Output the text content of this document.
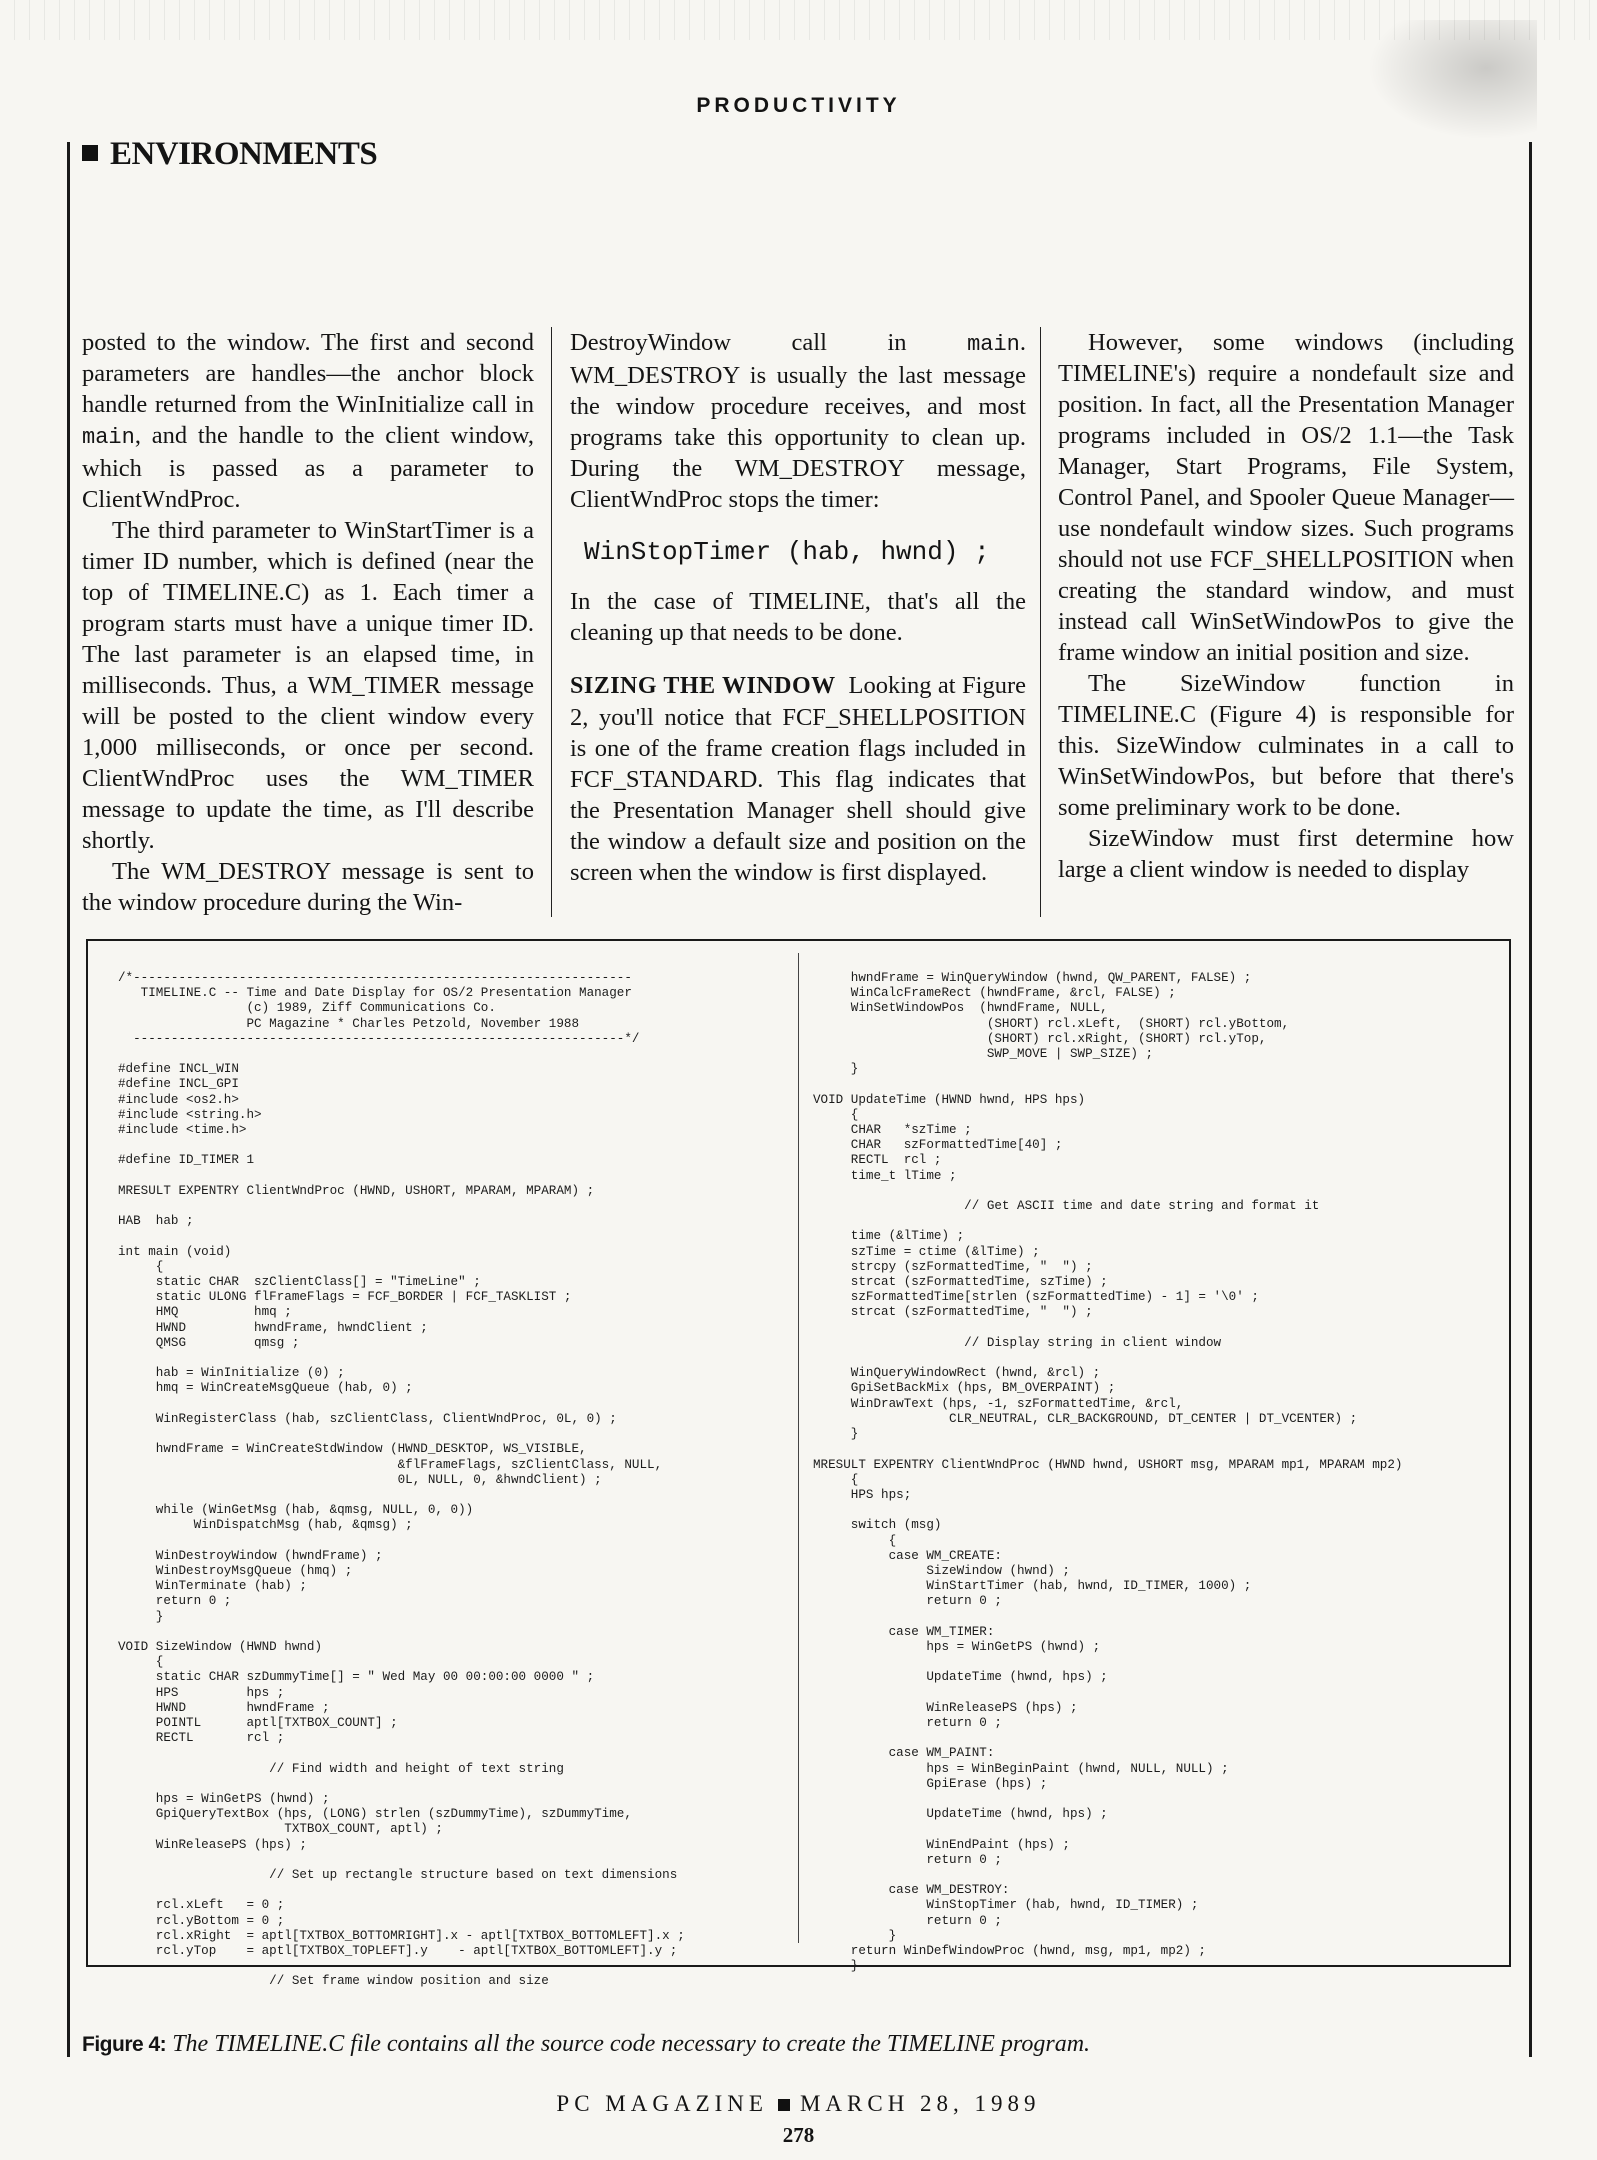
PRODUCTIVITY
ENVIRONMENTS

posted to the window. The first and second parameters are handles—the anchor block handle returned from the WinInitialize call in main, and the handle to the client window, which is passed as a parameter to ClientWndProc.

The third parameter to WinStartTimer is a timer ID number, which is defined (near the top of TIMELINE.C) as 1. Each timer a program starts must have a unique timer ID. The last parameter is an elapsed time, in milliseconds. Thus, a WM_TIMER message will be posted to the client window every 1,000 milliseconds, or once per second. ClientWndProc uses the WM_TIMER message to update the time, as I'll describe shortly.

The WM_DESTROY message is sent to the window procedure during the Win-

DestroyWindow call in main. WM_DESTROY is usually the last message the window procedure receives, and most programs take this opportunity to clean up. During the WM_DESTROY message, ClientWndProc stops the timer:

WinStopTimer (hab, hwnd) ;

In the case of TIMELINE, that's all the cleaning up that needs to be done.

SIZING THE WINDOW Looking at Figure 2, you'll notice that FCF_SHELLPOSITION is one of the frame creation flags included in FCF_STANDARD. This flag indicates that the Presentation Manager shell should give the window a default size and position on the screen when the window is first displayed.

However, some windows (including TIMELINE's) require a nondefault size and position. In fact, all the Presentation Manager programs included in OS/2 1.1—the Task Manager, Start Programs, File System, Control Panel, and Spooler Queue Manager—use nondefault window sizes. Such programs should not use FCF_SHELLPOSITION when creating the standard window, and must instead call WinSetWindowPos to give the frame window an initial position and size.

The SizeWindow function in TIMELINE.C (Figure 4) is responsible for this. SizeWindow culminates in a call to WinSetWindowPos, but before that there's some preliminary work to be done.

SizeWindow must first determine how large a client window is needed to display

/*------------------------------------------------------------------
TIMELINE.C -- Time and Date Display for OS/2 Presentation Manager
(c) 1989, Ziff Communications Co.
PC Magazine * Charles Petzold, November 1988
-----------------------------------------------------------------*/

#define INCL_WIN
#define INCL_GPI
#include <os2.h>
#include <string.h>
#include <time.h>

#define ID_TIMER 1

MRESULT EXPENTRY ClientWndProc (HWND, USHORT, MPARAM, MPARAM) ;

HAB  hab ;

int main (void)
{
static CHAR  szClientClass[] = "TimeLine" ;
static ULONG flFrameFlags = FCF_BORDER | FCF_TASKLIST ;
HMQ          hmq ;
HWND         hwndFrame, hwndClient ;
QMSG         qmsg ;

hab = WinInitialize (0) ;
hmq = WinCreateMsgQueue (hab, 0) ;

WinRegisterClass (hab, szClientClass, ClientWndProc, 0L, 0) ;

hwndFrame = WinCreateStdWindow (HWND_DESKTOP, WS_VISIBLE,
&flFrameFlags, szClientClass, NULL,
0L, NULL, 0, &hwndClient) ;

while (WinGetMsg (hab, &qmsg, NULL, 0, 0))
WinDispatchMsg (hab, &qmsg) ;

WinDestroyWindow (hwndFrame) ;
WinDestroyMsgQueue (hmq) ;
WinTerminate (hab) ;
return 0 ;
}

VOID SizeWindow (HWND hwnd)
{
static CHAR szDummyTime[] = " Wed May 00 00:00:00 0000 " ;
HPS         hps ;
HWND        hwndFrame ;
POINTL      aptl[TXTBOX_COUNT] ;
RECTL       rcl ;

// Find width and height of text string

hps = WinGetPS (hwnd) ;
GpiQueryTextBox (hps, (LONG) strlen (szDummyTime), szDummyTime,
TXTBOX_COUNT, aptl) ;
WinReleasePS (hps) ;

// Set up rectangle structure based on text dimensions

rcl.xLeft   = 0 ;
rcl.yBottom = 0 ;
rcl.xRight  = aptl[TXTBOX_BOTTOMRIGHT].x - aptl[TXTBOX_BOTTOMLEFT].x ;
rcl.yTop    = aptl[TXTBOX_TOPLEFT].y    - aptl[TXTBOX_BOTTOMLEFT].y ;

// Set frame window position and size
hwndFrame = WinQueryWindow (hwnd, QW_PARENT, FALSE) ;
WinCalcFrameRect (hwndFrame, &rcl, FALSE) ;
WinSetWindowPos  (hwndFrame, NULL,
(SHORT) rcl.xLeft,  (SHORT) rcl.yBottom,
(SHORT) rcl.xRight, (SHORT) rcl.yTop,
SWP_MOVE | SWP_SIZE) ;
}

VOID UpdateTime (HWND hwnd, HPS hps)
{
CHAR   *szTime ;
CHAR   szFormattedTime[40] ;
RECTL  rcl ;
time_t lTime ;

// Get ASCII time and date string and format it

time (&lTime) ;
szTime = ctime (&lTime) ;
strcpy (szFormattedTime, "  ") ;
strcat (szFormattedTime, szTime) ;
szFormattedTime[strlen (szFormattedTime) - 1] = '\0' ;
strcat (szFormattedTime, "  ") ;

// Display string in client window

WinQueryWindowRect (hwnd, &rcl) ;
GpiSetBackMix (hps, BM_OVERPAINT) ;
WinDrawText (hps, -1, szFormattedTime, &rcl,
CLR_NEUTRAL, CLR_BACKGROUND, DT_CENTER | DT_VCENTER) ;
}

MRESULT EXPENTRY ClientWndProc (HWND hwnd, USHORT msg, MPARAM mp1, MPARAM mp2)
{
HPS hps;

switch (msg)
{
case WM_CREATE:
SizeWindow (hwnd) ;
WinStartTimer (hab, hwnd, ID_TIMER, 1000) ;
return 0 ;

case WM_TIMER:
hps = WinGetPS (hwnd) ;

UpdateTime (hwnd, hps) ;

WinReleasePS (hps) ;
return 0 ;

case WM_PAINT:
hps = WinBeginPaint (hwnd, NULL, NULL) ;
GpiErase (hps) ;

UpdateTime (hwnd, hps) ;

WinEndPaint (hps) ;
return 0 ;

case WM_DESTROY:
WinStopTimer (hab, hwnd, ID_TIMER) ;
return 0 ;
}
return WinDefWindowProc (hwnd, msg, mp1, mp2) ;
}
Figure 4: The TIMELINE.C file contains all the source code necessary to create the TIMELINE program.
PC MAGAZINE MARCH 28, 1989
278
